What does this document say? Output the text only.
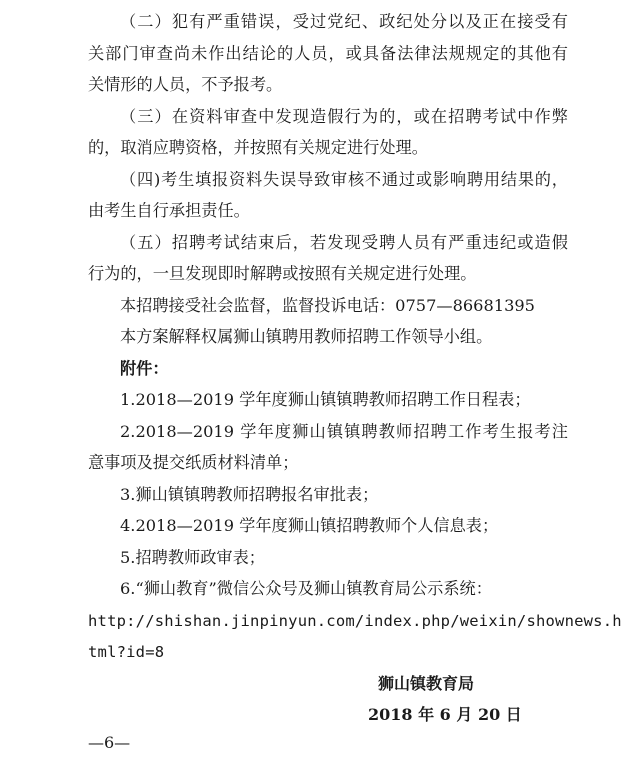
（二）犯有严重错误，受过党纪、政纪处分以及正在接受有
关部门审查尚未作出结论的人员，或具备法律法规规定的其他有
关情形的人员，不予报考。
（三）在资料审查中发现造假行为的，或在招聘考试中作弊
的，取消应聘资格，并按照有关规定进行处理。
（四)考生填报资料失误导致审核不通过或影响聘用结果的，
由考生自行承担责任。
（五）招聘考试结束后，若发现受聘人员有严重违纪或造假
行为的，一旦发现即时解聘或按照有关规定进行处理。
本招聘接受社会监督，监督投诉电话：0757—86681395
本方案解释权属狮山镇聘用教师招聘工作领导小组。
附件：
1.2018—2019 学年度狮山镇镇聘教师招聘工作日程表；
2.2018—2019 学年度狮山镇镇聘教师招聘工作考生报考注
意事项及提交纸质材料清单；
3.狮山镇镇聘教师招聘报名审批表；
4.2018—2019 学年度狮山镇招聘教师个人信息表；
5.招聘教师政审表；
6.“狮山教育”微信公众号及狮山镇教育局公示系统：
http://shishan.jinpinyun.com/index.php/weixin/shownews.h
tml?id=8
狮山镇教育局
2018 年 6 月 20 日
—6—
